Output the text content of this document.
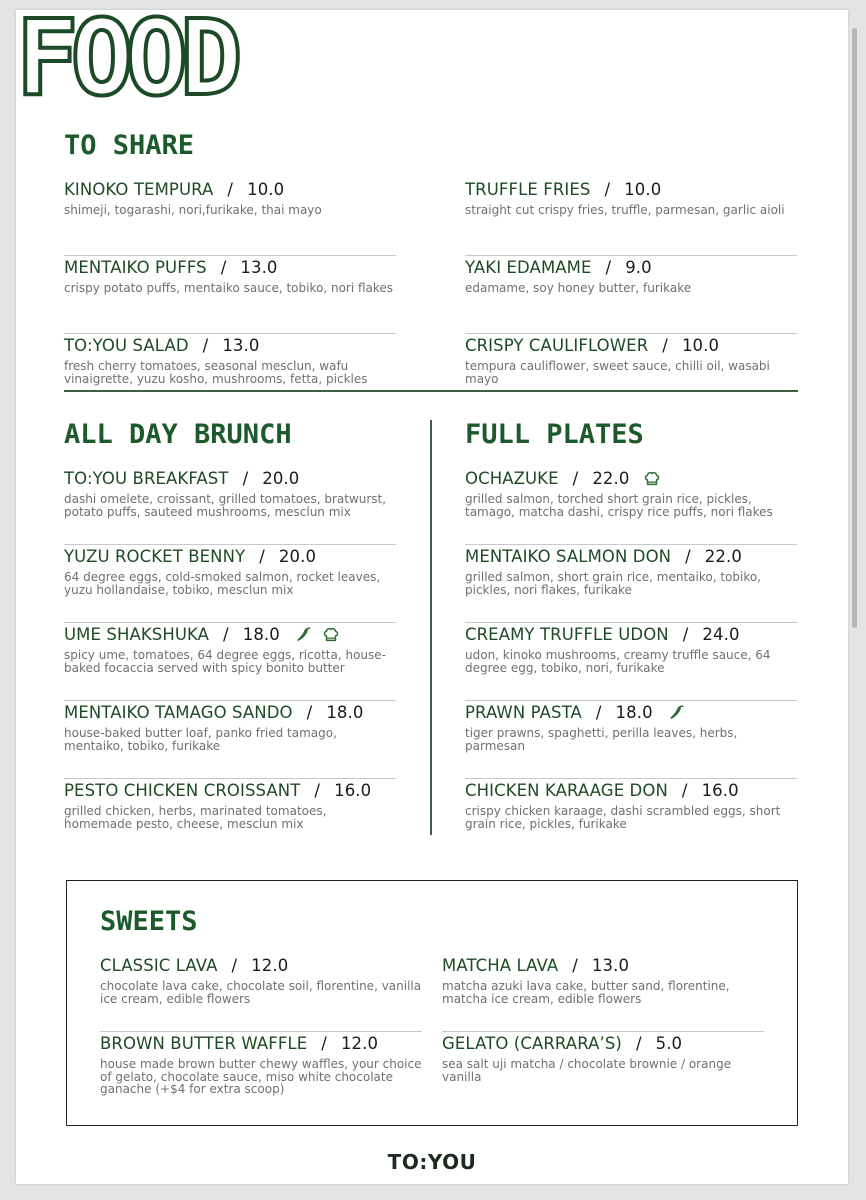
FOOD
TO SHARE
KINOKO TEMPURA / 10.0
shimeji, togarashi, nori,furikake, thai mayo
MENTAIKO PUFFS / 13.0
crispy potato puffs, mentaiko sauce, tobiko, nori flakes
TO:YOU SALAD / 13.0
fresh cherry tomatoes, seasonal mesclun, wafu vinaigrette, yuzu kosho, mushrooms, fetta, pickles
TRUFFLE FRIES / 10.0
straight cut crispy fries, truffle, parmesan, garlic aioli
YAKI EDAMAME / 9.0
edamame, soy honey butter, furikake
CRISPY CAULIFLOWER / 10.0
tempura cauliflower, sweet sauce, chilli oil, wasabi mayo
ALL DAY BRUNCH
TO:YOU BREAKFAST / 20.0
dashi omelete, croissant, grilled tomatoes, bratwurst, potato puffs, sauteed mushrooms, mesclun mix
YUZU ROCKET BENNY / 20.0
64 degree eggs, cold-smoked salmon, rocket leaves, yuzu hollandaise, tobiko, mesclun mix
UME SHAKSHUKA / 18.0
spicy ume, tomatoes, 64 degree eggs, ricotta, house-baked focaccia served with spicy bonito butter
MENTAIKO TAMAGO SANDO / 18.0
house-baked butter loaf, panko fried tamago, mentaiko, tobiko, furikake
PESTO CHICKEN CROISSANT / 16.0
grilled chicken, herbs, marinated tomatoes, homemade pesto, cheese, mesclun mix
FULL PLATES
OCHAZUKE / 22.0
grilled salmon, torched short grain rice, pickles, tamago, matcha dashi, crispy rice puffs, nori flakes
MENTAIKO SALMON DON / 22.0
grilled salmon, short grain rice, mentaiko, tobiko, pickles, nori flakes, furikake
CREAMY TRUFFLE UDON / 24.0
udon, kinoko mushrooms, creamy truffle sauce, 64 degree egg, tobiko, nori, furikake
PRAWN PASTA / 18.0
tiger prawns, spaghetti, perilla leaves, herbs, parmesan
CHICKEN KARAAGE DON / 16.0
crispy chicken karaage, dashi scrambled eggs, short grain rice, pickles, furikake
SWEETS
CLASSIC LAVA / 12.0
chocolate lava cake, chocolate soil, florentine, vanilla ice cream, edible flowers
BROWN BUTTER WAFFLE / 12.0
house made brown butter chewy waffles, your choice of gelato, chocolate sauce, miso white chocolate ganache (+$4 for extra scoop)
MATCHA LAVA / 13.0
matcha azuki lava cake, butter sand, florentine, matcha ice cream, edible flowers
GELATO (CARRARA’S) / 5.0
sea salt uji matcha / chocolate brownie / orange vanilla
TO:YOU
